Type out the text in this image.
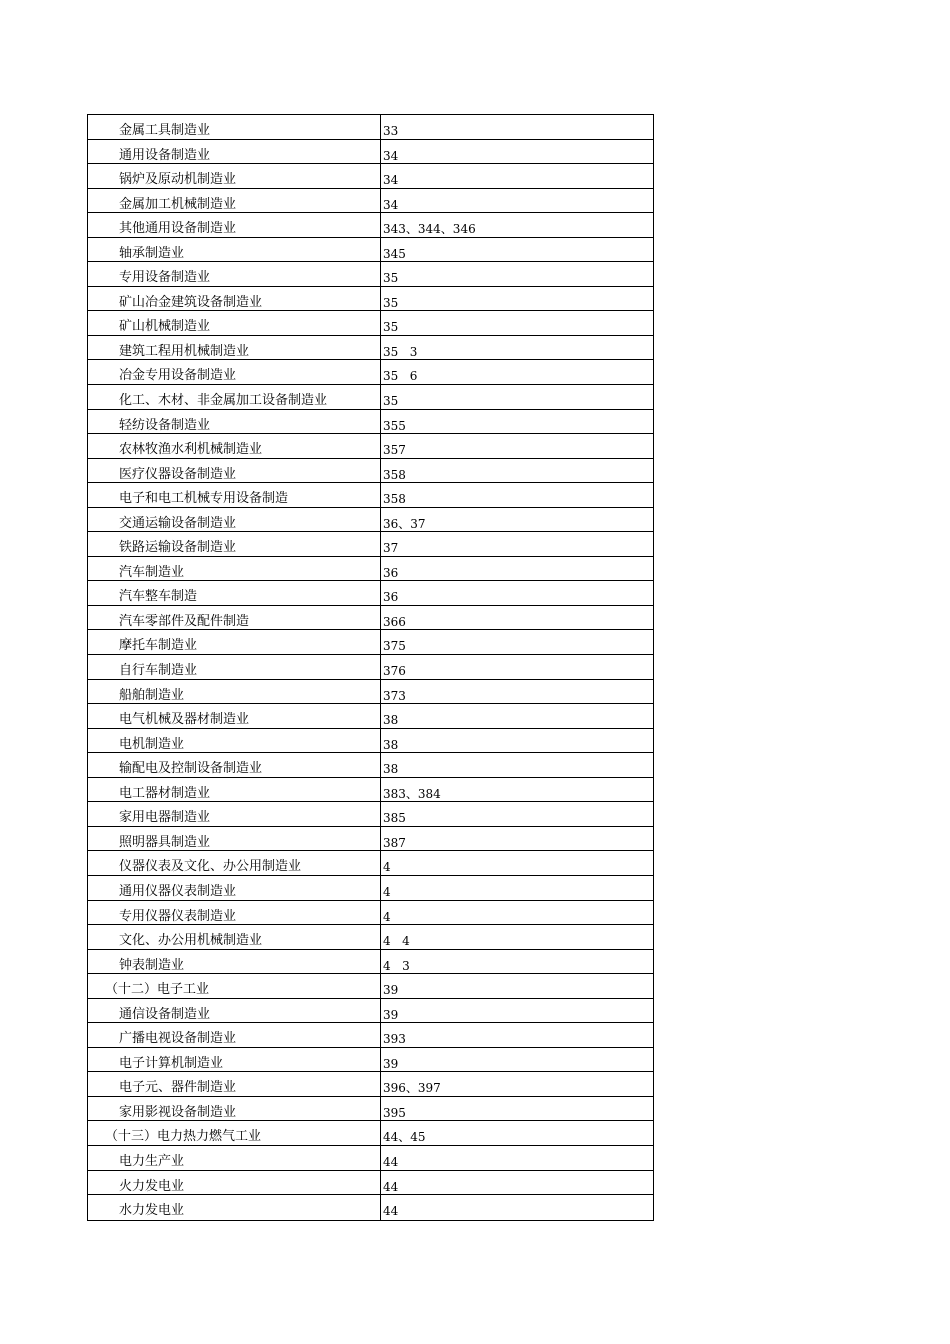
金属工具制造业	33
通用设备制造业	34
锅炉及原动机制造业	34
金属加工机械制造业	34
其他通用设备制造业	343、344、346
轴承制造业	345
专用设备制造业	35
矿山冶金建筑设备制造业	35
矿山机械制造业	35
建筑工程用机械制造业	35   3
冶金专用设备制造业	35   6
化工、木材、非金属加工设备制造业	35
轻纺设备制造业	355
农林牧渔水利机械制造业	357
医疗仪器设备制造业	358
电子和电工机械专用设备制造	358
交通运输设备制造业	36、37
铁路运输设备制造业	37
汽车制造业	36
汽车整车制造	36
汽车零部件及配件制造	366
摩托车制造业	375
自行车制造业	376
船舶制造业	373
电气机械及器材制造业	38
电机制造业	38
输配电及控制设备制造业	38
电工器材制造业	383、384
家用电器制造业	385
照明器具制造业	387
仪器仪表及文化、办公用制造业	4
通用仪器仪表制造业	4
专用仪器仪表制造业	4
文化、办公用机械制造业	4   4
钟表制造业	4   3
（十二）电子工业	39
通信设备制造业	39
广播电视设备制造业	393
电子计算机制造业	39
电子元、器件制造业	396、397
家用影视设备制造业	395
（十三）电力热力燃气工业	44、45
电力生产业	44
火力发电业	44
水力发电业	44
